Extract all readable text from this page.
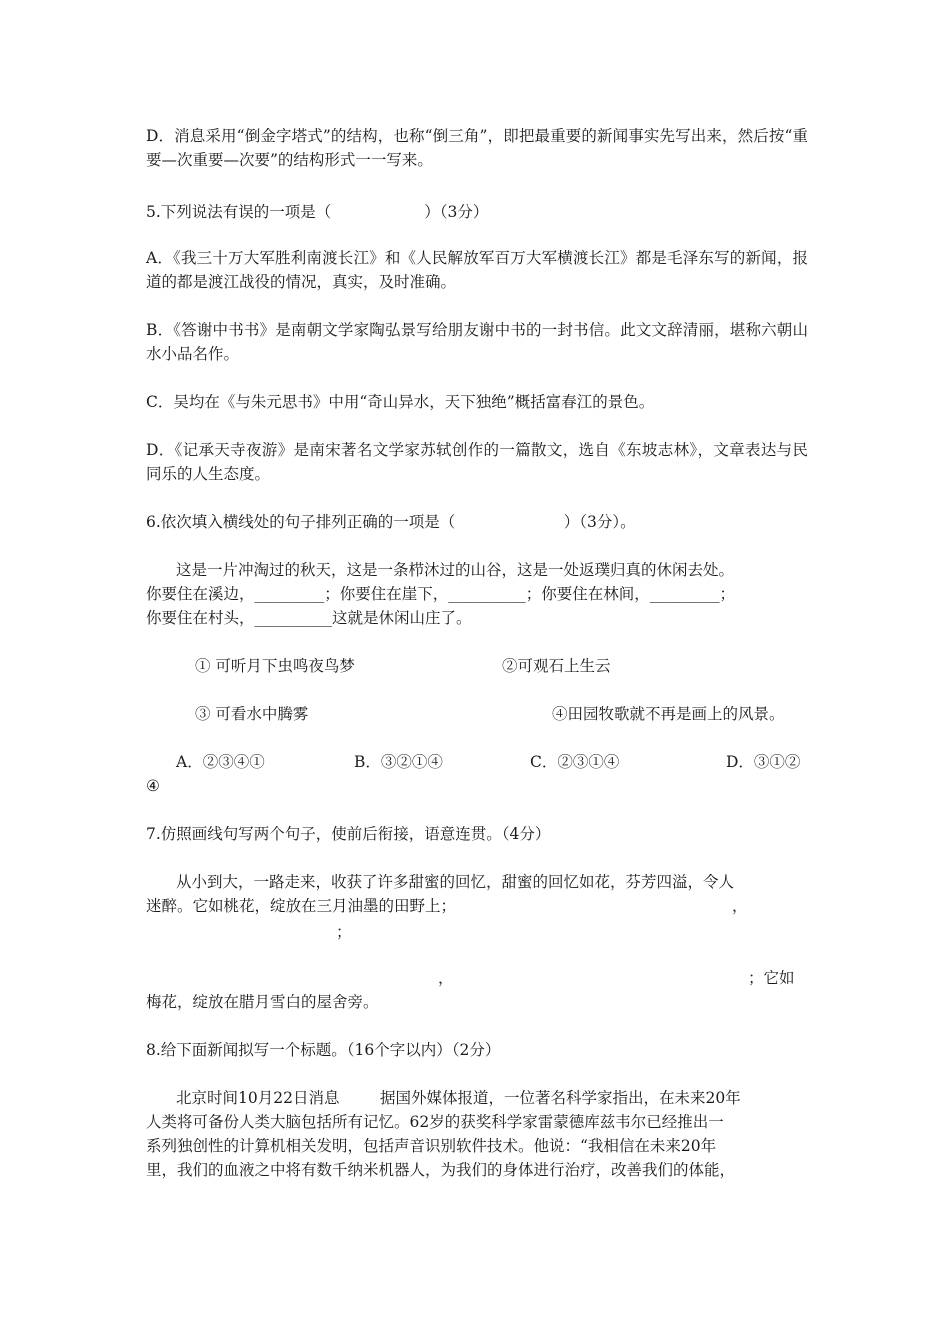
D．消息采用“倒金字塔式”的结构，也称“倒三角”，即把最重要的新闻事实先写出来，然后按“重要—次重要—次要”的结构形式一一写来。

5.下列说法有误的一项是（　　　　　　）（3分）

A．《我三十万大军胜利南渡长江》和《人民解放军百万大军横渡长江》都是毛泽东写的新闻，报道的都是渡江战役的情况，真实，及时准确。

B．《答谢中书书》是南朝文学家陶弘景写给朋友谢中书的一封书信。此文文辞清丽，堪称六朝山水小品名作。

C．吴均在《与朱元思书》中用“奇山异水，天下独绝”概括富春江的景色。

D．《记承天寺夜游》是南宋著名文学家苏轼创作的一篇散文，选自《东坡志林》，文章表达与民同乐的人生态度。

6.依次填入横线处的句子排列正确的一项是（　　　　　　　）（3分）。
这是一片冲淘过的秋天，这是一条栉沐过的山谷，这是一处返璞归真的休闲去处。
你要住在溪边，_________；你要住在崖下，__________；你要住在林间，_________；
你要住在村头，__________这就是休闲山庄了。
① 可听月下虫鸣夜鸟梦	②可观石上生云
③ 可看水中腾雾	④田园牧歌就不再是画上的风景。
A．②③④①	B．③②①④	C．②③①④	D．③①②
④
7.仿照画线句写两个句子，使前后衔接，语意连贯。（4分）
从小到大，一路走来，收获了许多甜蜜的回忆，甜蜜的回忆如花，芬芳四溢，令人
迷醉。它如桃花，绽放在三月油墨的田野上；	，
；
，	；它如
梅花，绽放在腊月雪白的屋舍旁。
8.给下面新闻拟写一个标题。（16个字以内）（2分）
北京时间10月22日消息	据国外媒体报道，一位著名科学家指出，在未来20年
人类将可备份人类大脑包括所有记忆。62岁的获奖科学家雷蒙德库兹韦尔已经推出一
系列独创性的计算机相关发明，包括声音识别软件技术。他说：“我相信在未来20年
里，我们的血液之中将有数千纳米机器人，为我们的身体进行治疗，改善我们的体能，
